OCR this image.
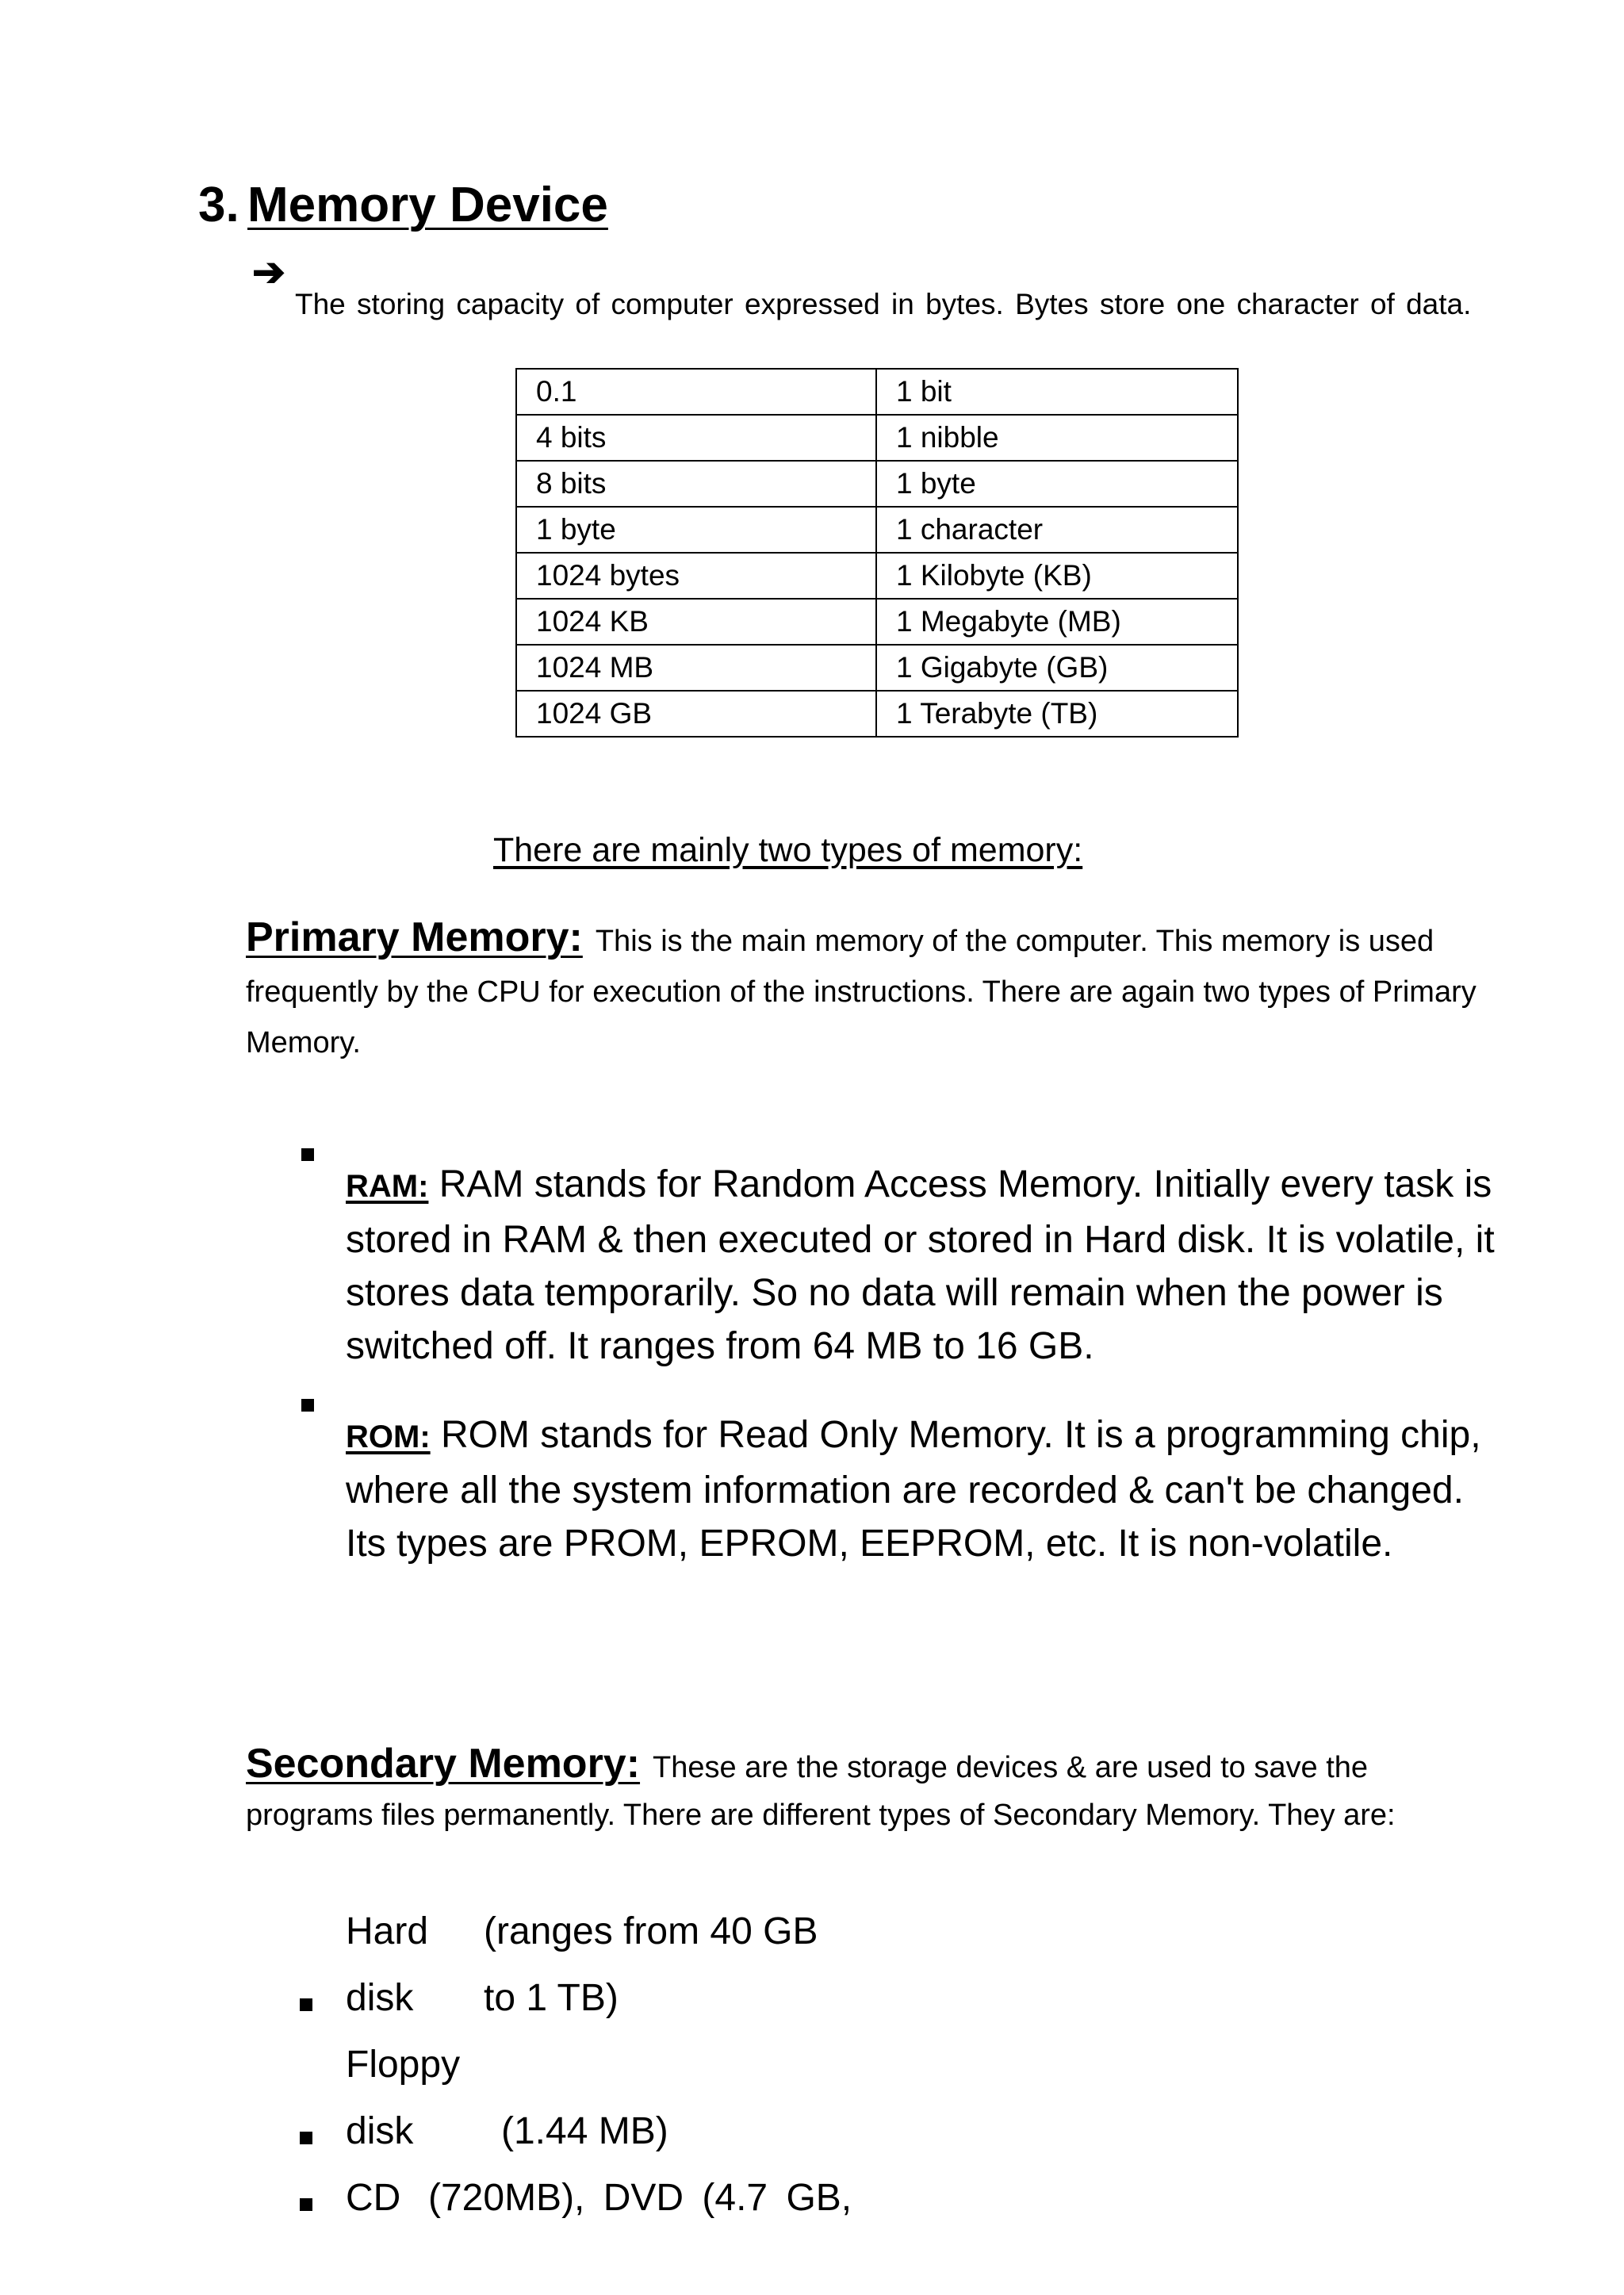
3. Memory Device
➔
The storing capacity of computer expressed in bytes. Bytes store one character of data.
0.1	1 bit
4 bits	1 nibble
8 bits	1 byte
1 byte	1 character
1024 bytes	1 Kilobyte (KB)
1024 KB	1 Megabyte (MB)
1024 MB	1 Gigabyte (GB)
1024 GB	1 Terabyte (TB)
There are mainly two types of memory:
Primary Memory: This is the main memory of the computer. This memory is used frequently by the CPU for execution of the instructions. There are again two types of Primary Memory.
RAM: RAM stands for Random Access Memory. Initially every task is stored in RAM & then executed or stored in Hard disk. It is volatile, it stores data temporarily. So no data will remain when the power is switched off. It ranges from 64 MB to 16 GB.
ROM: ROM stands for Read Only Memory. It is a programming chip, where all the system information are recorded & can't be changed. Its types are PROM, EPROM, EEPROM, etc. It is non-volatile.
Secondary Memory: These are the storage devices & are used to save the programs files permanently. There are different types of Secondary Memory. They are:
Hard (ranges from 40 GB
disk to 1 TB)
Floppy
disk (1.44 MB)
CD (720MB), DVD (4.7 GB,
